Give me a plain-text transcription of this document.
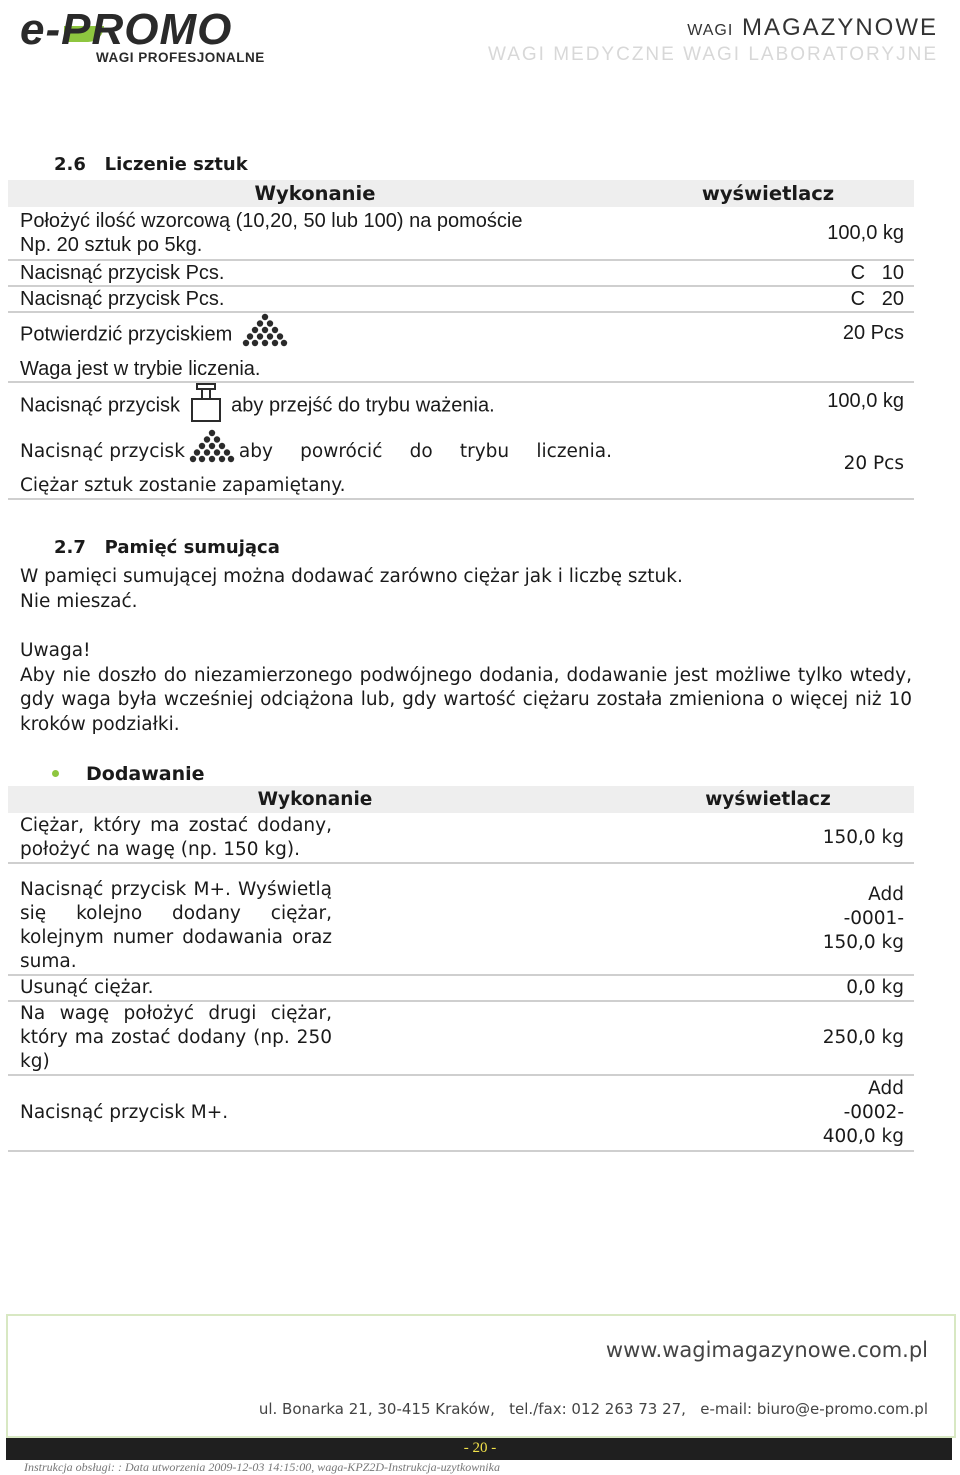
e-PROMO
WAGI PROFESJONALNE
WAGI MAGAZYNOWE
WAGI MEDYCZNE WAGI LABORATORYJNE
2.6   Liczenie sztuk
Wykonanie	wyświetlacz

Położyć ilość wzorcową (10,20, 50 lub 100) na pomoście
Np. 20 sztuk po 5kg.	100,0 kg
Nacisnąć przycisk Pcs.	C   10
Nacisnąć przycisk Pcs.	C   20

Potwierdzić przyciskiem
Waga jest w trybie liczenia.	20 Pcs
Nacisnąć przycisk aby przejść do trybu ważenia.	100,0 kg

Nacisnąć przycisk aby powrócić do trybu liczenia.
Ciężar sztuk zostanie zapamiętany.	20 Pcs
2.7   Pamięć sumująca
W pamięci sumującej można dodawać zarówno ciężar jak i liczbę sztuk.
Nie mieszać.
Uwaga!
Aby nie doszło do niezamierzonego podwójnego dodania, dodawanie jest możliwe tylko wtedy, gdy waga była wcześniej odciążona lub, gdy wartość ciężaru została zmieniona o więcej niż 10 kroków podziałki.
Dodawanie
Wykonanie	wyświetlacz
Ciężar, który ma zostać dodany, położyć na wagę (np. 150 kg).	150,0 kg
Nacisnąć przycisk M+. Wyświetlą się kolejno dodany ciężar, kolejnym numer dodawania oraz suma.	Add
-0001-
150,0 kg

Usunąć ciężar.	0,0 kg
Na wagę położyć drugi ciężar, który ma zostać dodany (np. 250 kg)	250,0 kg
Nacisnąć przycisk M+.	Add
-0002-
400,0 kg
www.wagimagazynowe.com.pl
ul. Bonarka 21, 30-415 Kraków,   tel./fax: 012 263 73 27,   e-mail: biuro@e-promo.com.pl
- 20 -
Instrukcja obsługi: : Data utworzenia 2009-12-03 14:15:00, waga-KPZ2D-Instrukcja-uzytkownika
